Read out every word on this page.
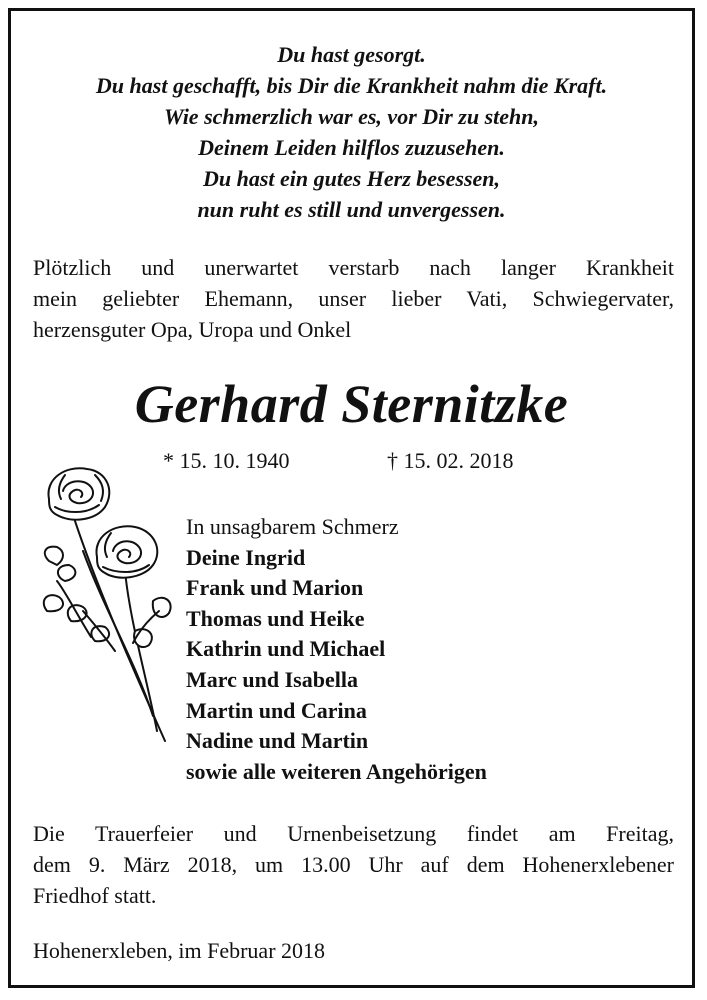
Du hast gesorgt.
Du hast geschafft, bis Dir die Krankheit nahm die Kraft.
Wie schmerzlich war es, vor Dir zu stehn,
Deinem Leiden hilflos zuzusehen.
Du hast ein gutes Herz besessen,
nun ruht es still und unvergessen.
Plötzlich und unerwartet verstarb nach langer Krankheit
mein geliebter Ehemann, unser lieber Vati, Schwiegervater,
herzensguter Opa, Uropa und Onkel
Gerhard Sternitzke
* 15. 10. 1940	† 15. 02. 2018
In unsagbarem Schmerz
Deine Ingrid
Frank und Marion
Thomas und Heike
Kathrin und Michael
Marc und Isabella
Martin und Carina
Nadine und Martin
sowie alle weiteren Angehörigen
Die Trauerfeier und Urnenbeisetzung findet am Freitag,
dem 9. März 2018, um 13.00 Uhr auf dem Hohenerxlebener
Friedhof statt.
Hohenerxleben, im Februar 2018
